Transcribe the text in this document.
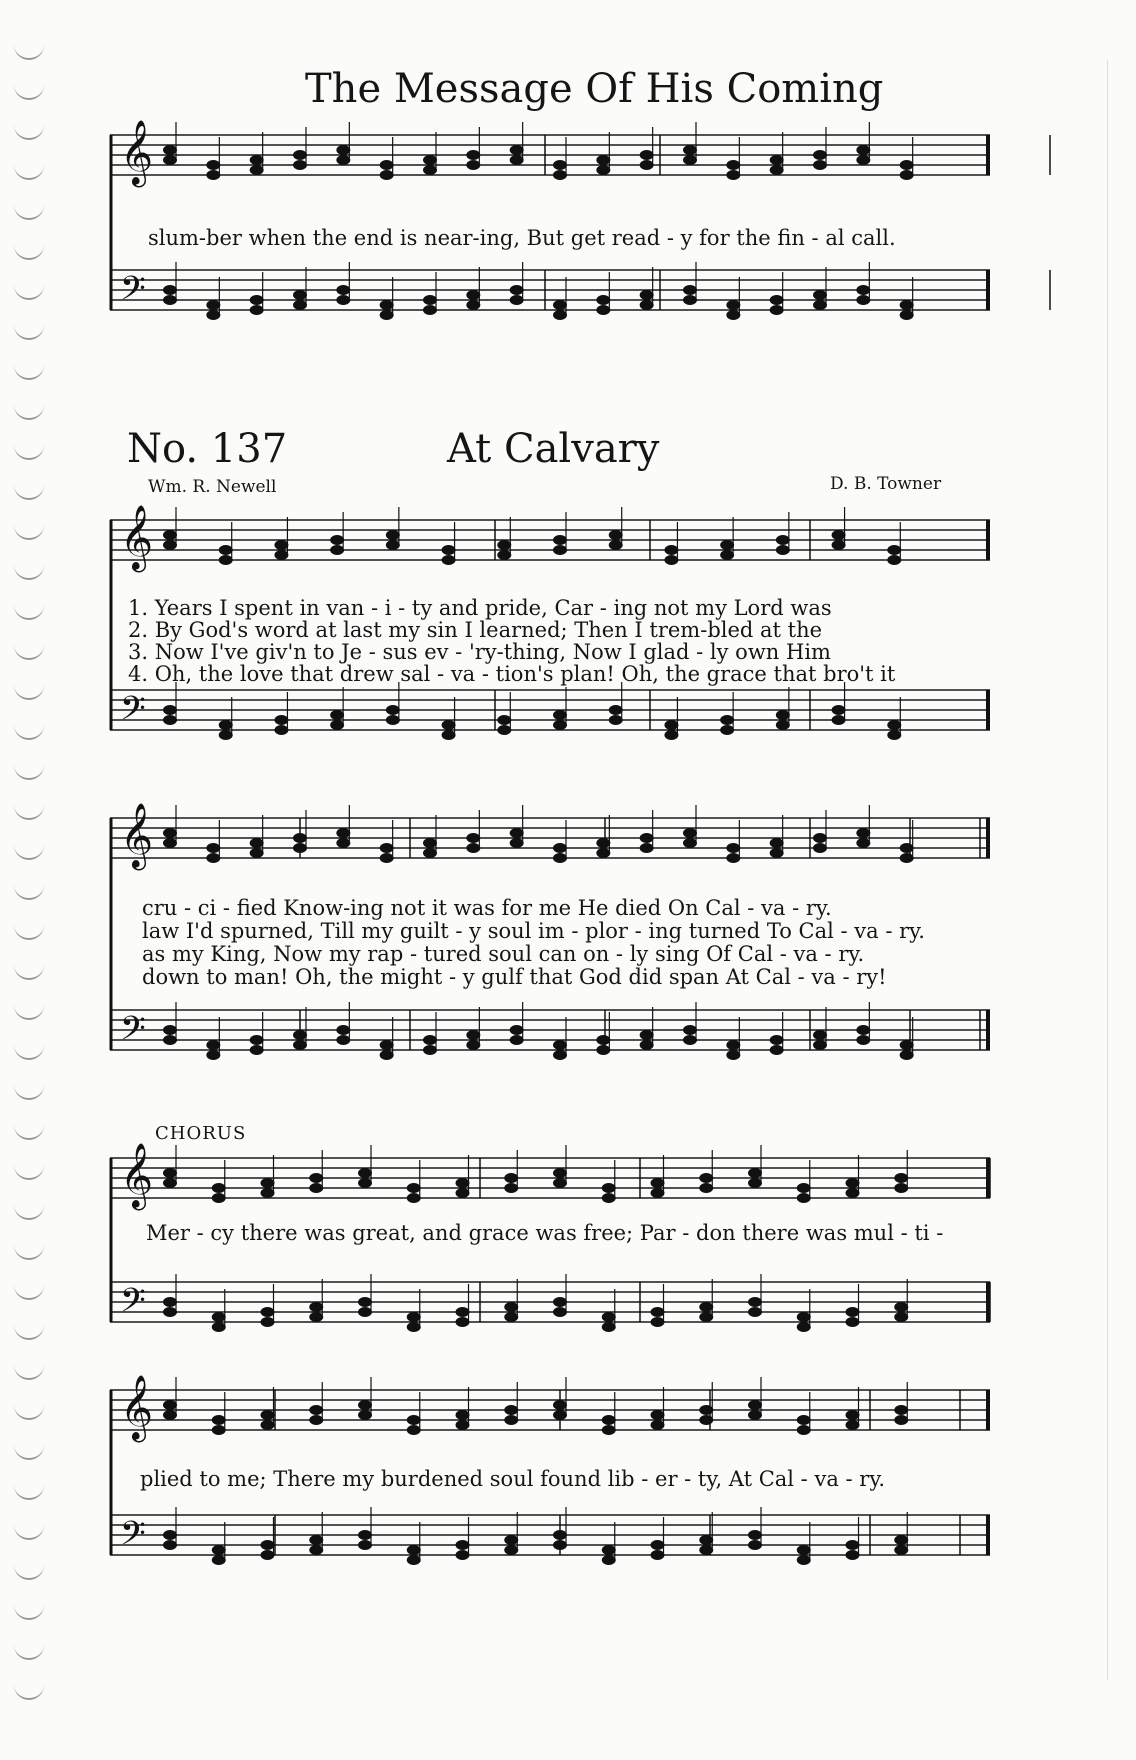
The Message Of His Coming
𝄞
𝄢
slum-ber when the end is near-ing, But get read - y for the fin - al call.
No. 137	At Calvary
Wm. R. Newell	D. B. Towner
𝄞
𝄢
1. Years I spent in van - i - ty and pride, Car - ing not my Lord was
2. By God's word at last my sin I learned; Then I trem-bled at the
3. Now I've giv'n to Je - sus ev - 'ry-thing, Now I glad - ly own Him
4. Oh, the love that drew sal - va - tion's plan! Oh, the grace that bro't it
𝄞
𝄢
cru - ci - fied Know-ing not it was for me He died On Cal - va - ry.
law I'd spurned, Till my guilt - y soul im - plor - ing turned To Cal - va - ry.
as my King, Now my rap - tured soul can on - ly sing Of Cal - va - ry.
down to man! Oh, the might - y gulf that God did span At Cal - va - ry!
CHORUS
𝄞
𝄢
Mer - cy there was great, and grace was free; Par - don there was mul - ti -
𝄞
𝄢
plied to me; There my burdened soul found lib - er - ty, At Cal - va - ry.
